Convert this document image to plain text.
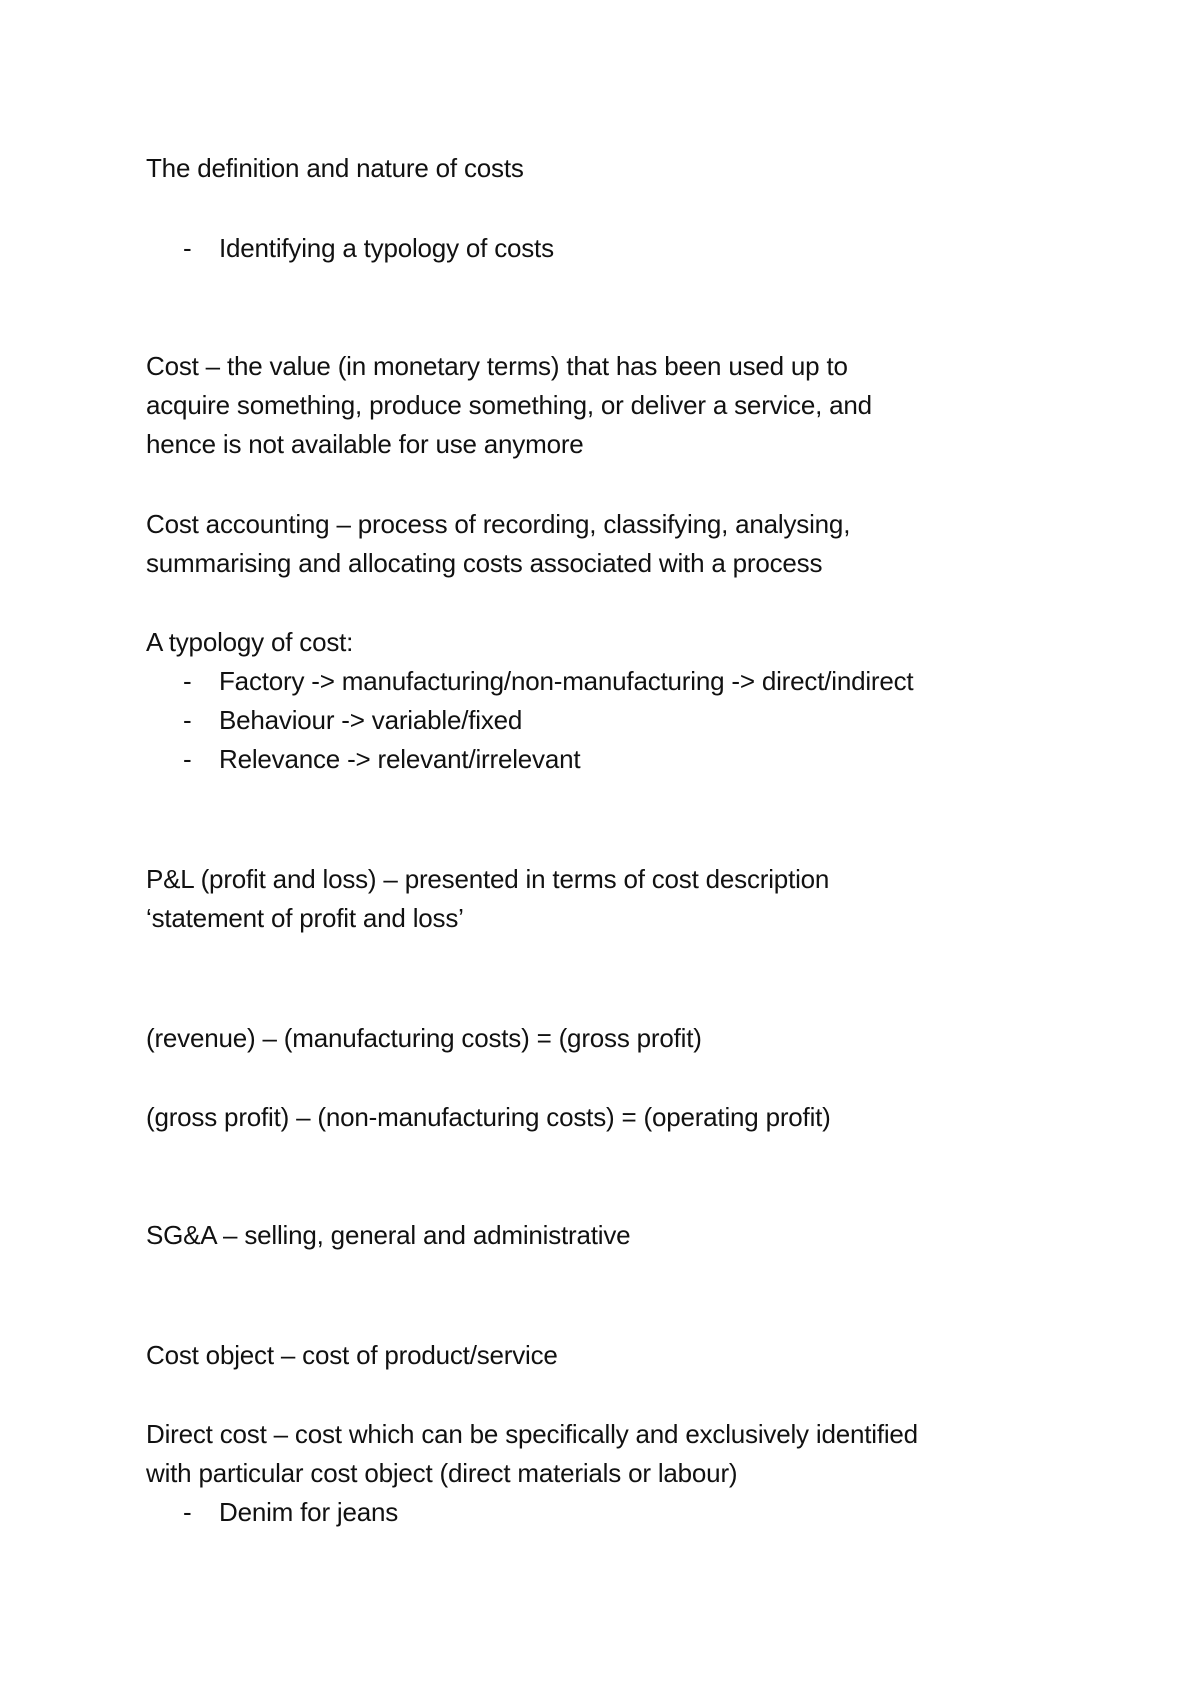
The definition and nature of costs
- Identifying a typology of costs
Cost – the value (in monetary terms) that has been used up to
acquire something, produce something, or deliver a service, and
hence is not available for use anymore
Cost accounting – process of recording, classifying, analysing,
summarising and allocating costs associated with a process
A typology of cost:
- Factory -> manufacturing/non-manufacturing -> direct/indirect
- Behaviour -> variable/fixed
- Relevance -> relevant/irrelevant
P&L (profit and loss) – presented in terms of cost description
‘statement of profit and loss’
(revenue) – (manufacturing costs) = (gross profit)
(gross profit) – (non-manufacturing costs) = (operating profit)
SG&A – selling, general and administrative
Cost object – cost of product/service
Direct cost – cost which can be specifically and exclusively identified
with particular cost object (direct materials or labour)
- Denim for jeans
